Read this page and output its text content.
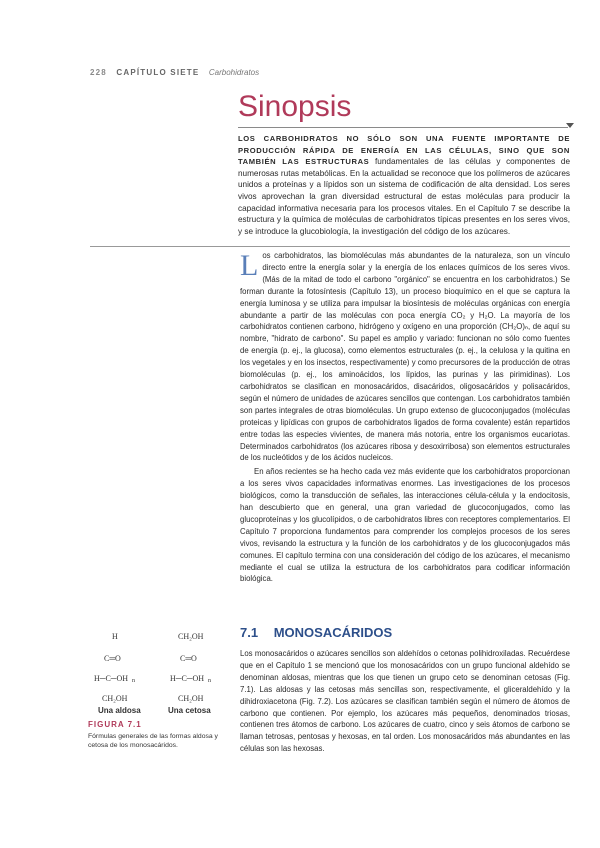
228 CAPÍTULO SIETE Carbohidratos
Sinopsis
LOS CARBOHIDRATOS NO SÓLO SON UNA FUENTE IMPORTANTE DE PRODUCCIÓN RÁPIDA DE ENERGÍA EN LAS CÉLULAS, SINO QUE SON TAMBIÉN LAS ESTRUCTURAS fundamentales de las células y componentes de numerosas rutas metabólicas. En la actualidad se reconoce que los polímeros de azúcares unidos a proteínas y a lípidos son un sistema de codificación de alta densidad. Los seres vivos aprovechan la gran diversidad estructural de estas moléculas para producir la capacidad informativa necesaria para los procesos vitales. En el Capítulo 7 se describe la estructura y la química de moléculas de carbohidratos típicas presentes en los seres vivos, y se introduce la glucobiología, la investigación del código de los azúcares.

Los carbohidratos, las biomoléculas más abundantes de la naturaleza, son un vínculo directo entre la energía solar y la energía de los enlaces químicos de los seres vivos. (Más de la mitad de todo el carbono "orgánico" se encuentra en los carbohidratos.) Se forman durante la fotosíntesis (Capítulo 13), un proceso bioquímico en el que se captura la energía luminosa y se utiliza para impulsar la biosíntesis de moléculas orgánicas con energía abundante a partir de las moléculas con poca energía CO₂ y H₂O. La mayoría de los carbohidratos contienen carbono, hidrógeno y oxígeno en una proporción (CH₂O)ₙ, de aquí su nombre, "hidrato de carbono". Su papel es amplio y variado: funcionan no sólo como fuentes de energía (p. ej., la glucosa), como elementos estructurales (p. ej., la celulosa y la quitina en los vegetales y en los insectos, respectivamente) y como precursores de la producción de otras biomoléculas (p. ej., los aminoácidos, los lípidos, las purinas y las pirimidinas). Los carbohidratos se clasifican en monosacáridos, disacáridos, oligosacáridos y polisacáridos, según el número de unidades de azúcares sencillos que contengan. Los carbohidratos también son partes integrales de otras biomoléculas. Un grupo extenso de glucoconjugados (moléculas proteicas y lipídicas con grupos de carbohidratos ligados de forma covalente) están repartidos entre todas las especies vivientes, de manera más notoria, entre los organismos eucariotas. Determinados carbohidratos (los azúcares ribosa y desoxirribosa) son elementos estructurales de los nucleótidos y de los ácidos nucleicos.

En años recientes se ha hecho cada vez más evidente que los carbohidratos proporcionan a los seres vivos capacidades informativas enormes. Las investigaciones de los procesos biológicos, como la transducción de señales, las interacciones célula-célula y la endocitosis, han descubierto que en general, una gran variedad de glucoconjugados, como las glucoproteínas y los glucolípidos, o de carbohidratos libres con receptores complementarios. El Capítulo 7 proporciona fundamentos para comprender los complejos procesos de los seres vivos, revisando la estructura y la función de los carbohidratos y de los glucoconjugados más comunes. El capítulo termina con una consideración del código de los azúcares, el mecanismo mediante el cual se utiliza la estructura de los carbohidratos para codificar información biológica.

7.1 MONOSACÁRIDOS

Los monosacáridos o azúcares sencillos son aldehídos o cetonas polihidroxiladas. Recuérdese que en el Capítulo 1 se mencionó que los monosacáridos con un grupo funcional aldehído se denominan aldosas, mientras que los que tienen un grupo ceto se denominan cetosas (Fig. 7.1). Las aldosas y las cetosas más sencillas son, respectivamente, el gliceraldehído y la dihidroxiacetona (Fig. 7.2). Los azúcares se clasifican también según el número de átomos de carbono que contienen. Por ejemplo, los azúcares más pequeños, denominados triosas, contienen tres átomos de carbono. Los azúcares de cuatro, cinco y seis átomos de carbono se llaman tetrosas, pentosas y hexosas, en tal orden. Los monosacáridos más abundantes en las células son las hexosas.

H	CH₂OH
C═O	C═O
H─C─OH n	H─C─OH n
CH₂OH	CH₂OH
Una aldosa	Una cetosa
FIGURA 7.1
Fórmulas generales de las formas aldosa y cetosa de los monosacáridos.
